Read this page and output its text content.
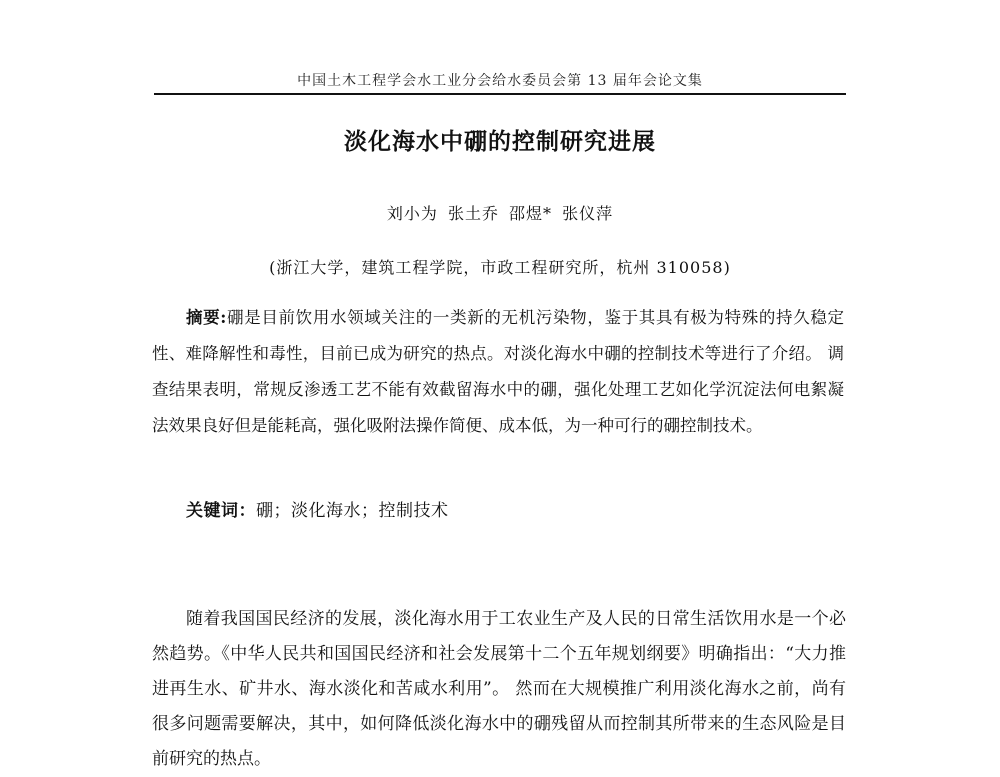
中国土木工程学会水工业分会给水委员会第 13 届年会论文集
淡化海水中硼的控制研究进展
刘小为 张土乔 邵煜* 张仪萍
(浙江大学，建筑工程学院，市政工程研究所，杭州 310058)
摘要:硼是目前饮用水领域关注的一类新的无机污染物，鉴于其具有极为特殊的持久稳定性、难降解性和毒性，目前已成为研究的热点。对淡化海水中硼的控制技术等进行了介绍。 调查结果表明，常规反渗透工艺不能有效截留海水中的硼，强化处理工艺如化学沉淀法何电絮凝法效果良好但是能耗高，强化吸附法操作简便、成本低，为一种可行的硼控制技术。
关键词：硼；淡化海水；控制技术
随着我国国民经济的发展，淡化海水用于工农业生产及人民的日常生活饮用水是一个必然趋势。《中华人民共和国国民经济和社会发展第十二个五年规划纲要》明确指出：“大力推进再生水、矿井水、海水淡化和苦咸水利用”。 然而在大规模推广利用淡化海水之前，尚有很多问题需要解决，其中，如何降低淡化海水中的硼残留从而控制其所带来的生态风险是目前研究的热点。
